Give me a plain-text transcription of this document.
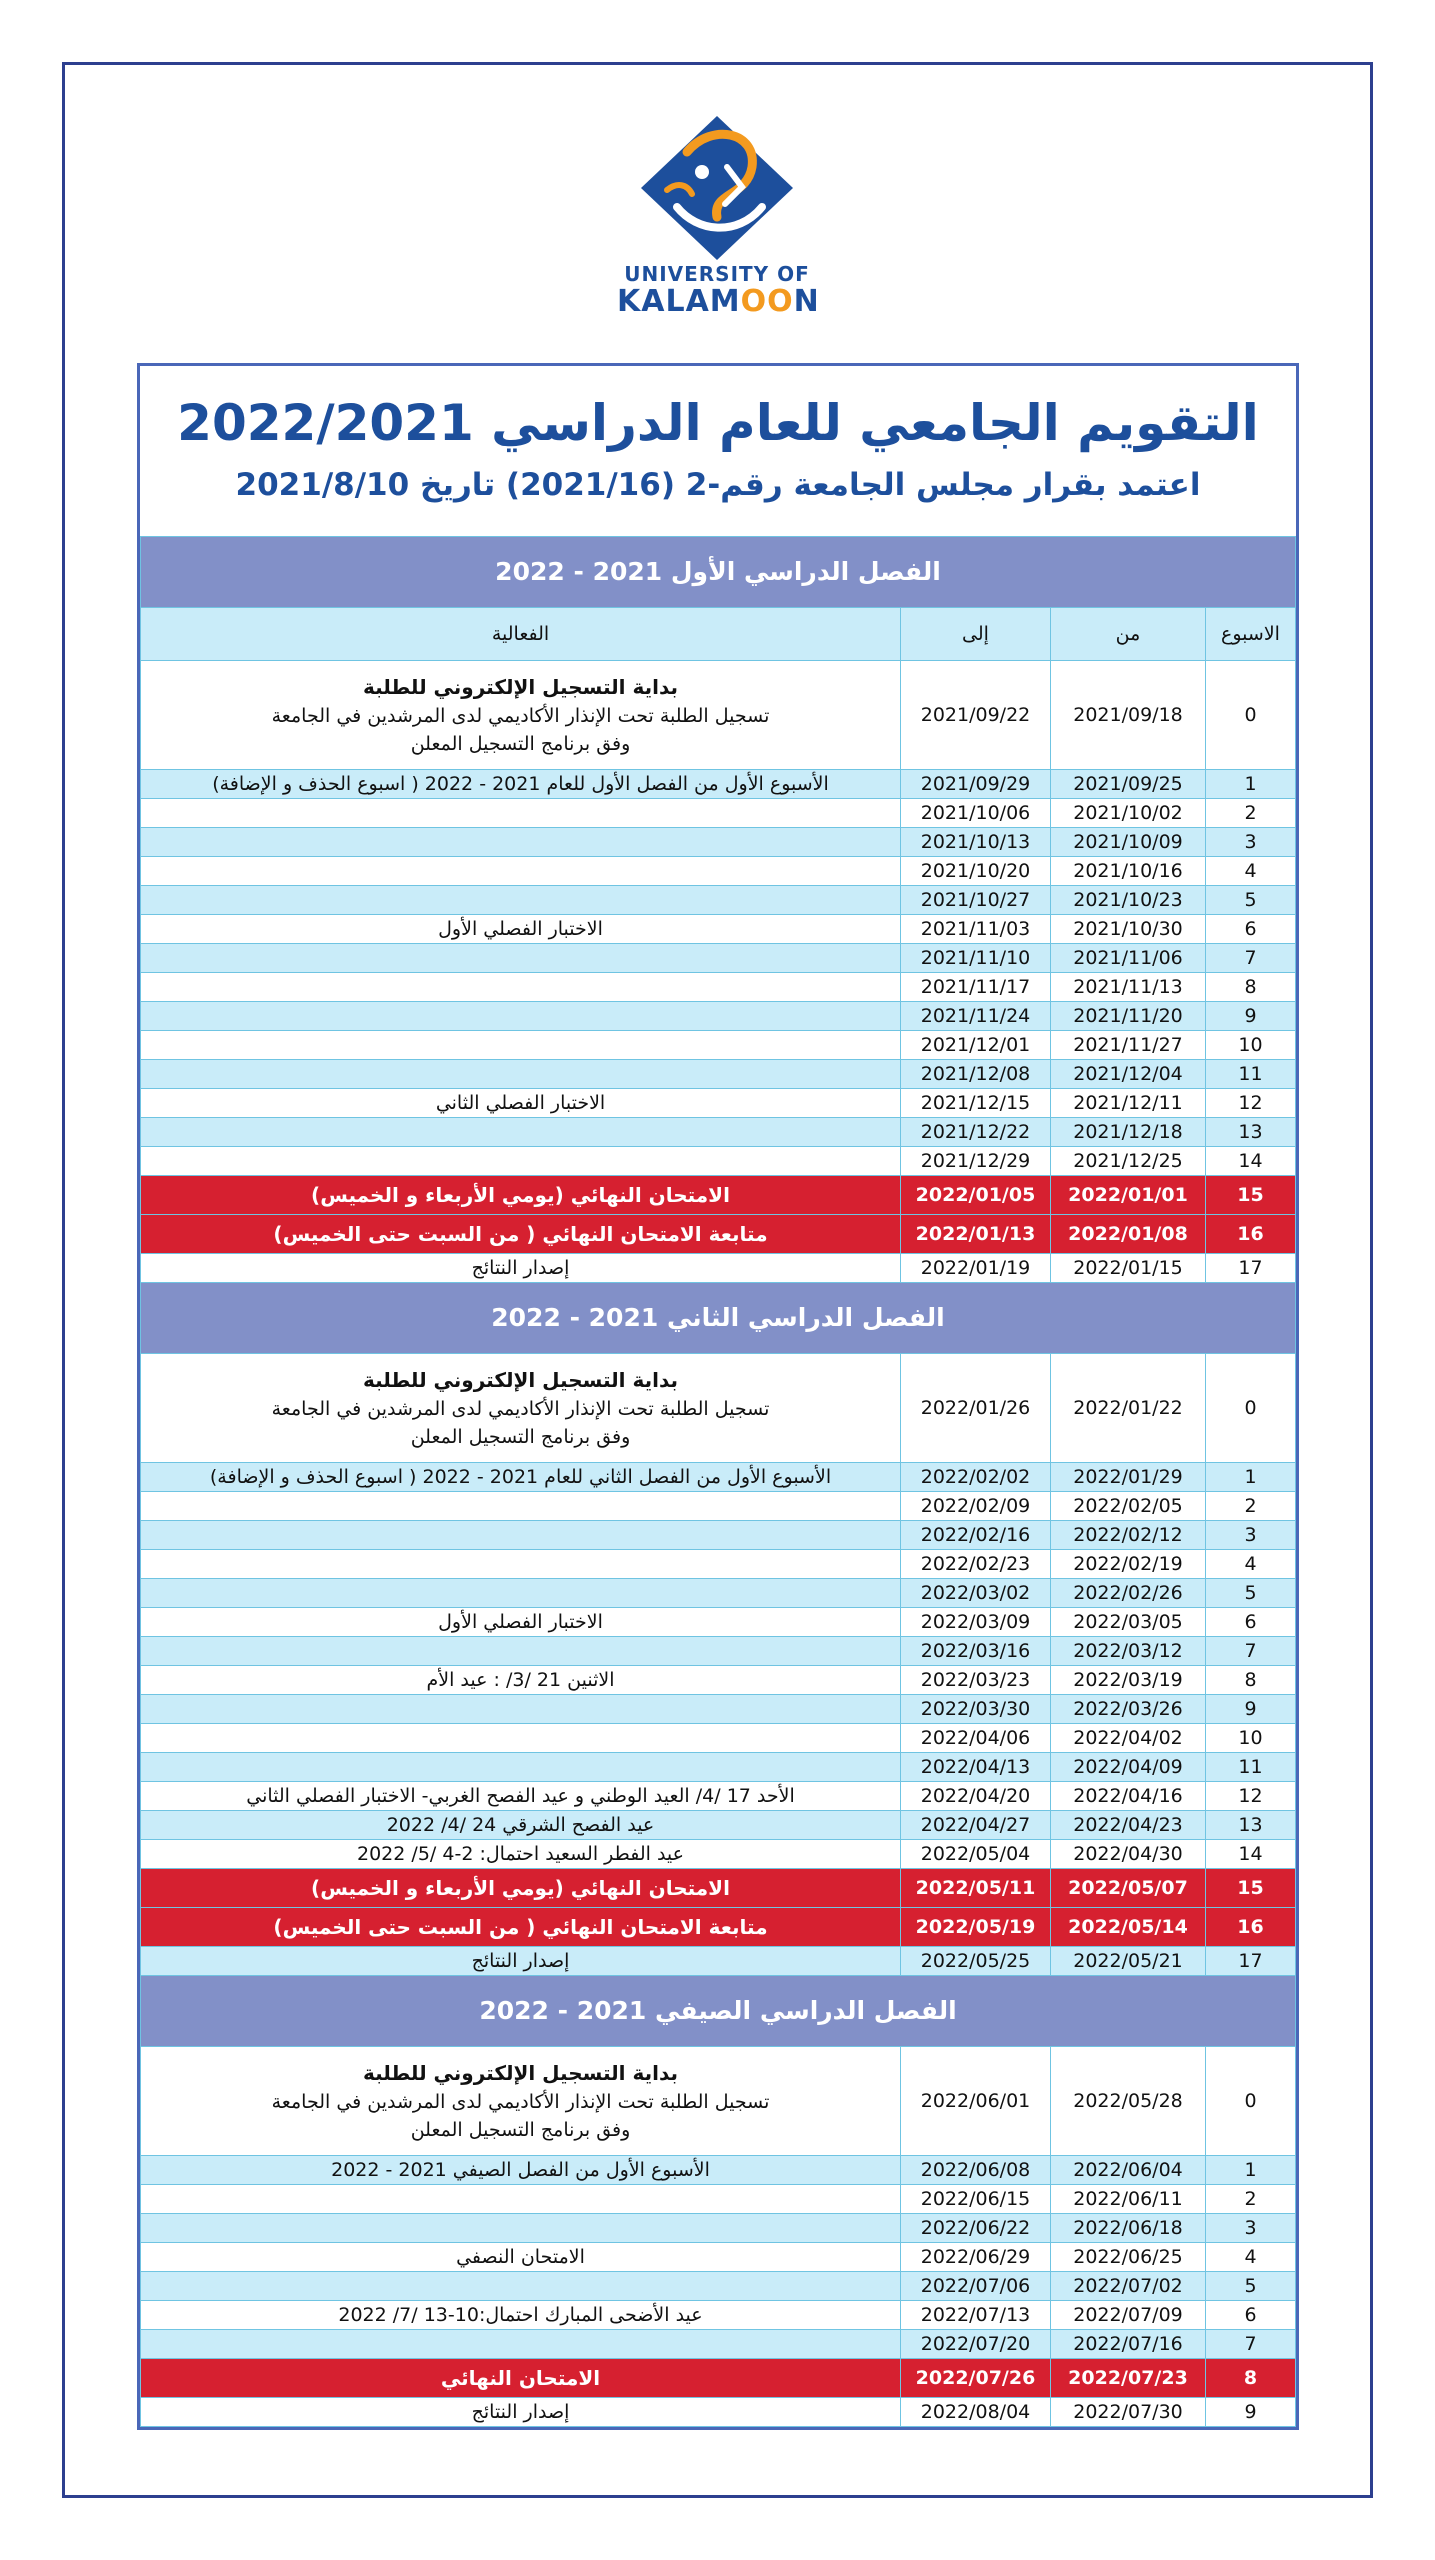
UNIVERSITY OF
KALAMOON
التقويم الجامعي للعام الدراسي 2022/2021
اعتمد بقرار مجلس الجامعة رقم-2 (2021/16) تاريخ 2021/8/10
الفصل الدراسي الأول 2021 - 2022			
الاسبوع	من	إلى	الفعالية
0	2021/09/18	2021/09/22	بداية التسجيل الإلكتروني للطلبة
تسجيل الطلبة تحت الإنذار الأكاديمي لدى المرشدين في الجامعة
وفق برنامج التسجيل المعلن

1	2021/09/25	2021/09/29	الأسبوع الأول من الفصل الأول للعام 2021 - 2022 ( اسبوع الحذف و الإضافة)
2	2021/10/02	2021/10/06	
3	2021/10/09	2021/10/13	
4	2021/10/16	2021/10/20	
5	2021/10/23	2021/10/27	
6	2021/10/30	2021/11/03	الاختبار الفصلي الأول
7	2021/11/06	2021/11/10	
8	2021/11/13	2021/11/17	
9	2021/11/20	2021/11/24	
10	2021/11/27	2021/12/01	
11	2021/12/04	2021/12/08	
12	2021/12/11	2021/12/15	الاختبار الفصلي الثاني
13	2021/12/18	2021/12/22	
14	2021/12/25	2021/12/29	
15	2022/01/01	2022/01/05	الامتحان النهائي (يومي الأربعاء و الخميس)
16	2022/01/08	2022/01/13	متابعة الامتحان النهائي ( من السبت حتى الخميس)
17	2022/01/15	2022/01/19	إصدار النتائج
الفصل الدراسي الثاني 2021 - 2022			
0	2022/01/22	2022/01/26	بداية التسجيل الإلكتروني للطلبة
تسجيل الطلبة تحت الإنذار الأكاديمي لدى المرشدين في الجامعة
وفق برنامج التسجيل المعلن

1	2022/01/29	2022/02/02	الأسبوع الأول من الفصل الثاني للعام 2021 - 2022 ( اسبوع الحذف و الإضافة)
2	2022/02/05	2022/02/09	
3	2022/02/12	2022/02/16	
4	2022/02/19	2022/02/23	
5	2022/02/26	2022/03/02	
6	2022/03/05	2022/03/09	الاختبار الفصلي الأول
7	2022/03/12	2022/03/16	
8	2022/03/19	2022/03/23	الاثنين 21 /3/ : عيد الأم
9	2022/03/26	2022/03/30	
10	2022/04/02	2022/04/06	
11	2022/04/09	2022/04/13	
12	2022/04/16	2022/04/20	الأحد 17 /4/ العيد الوطني و عيد الفصح الغربي- الاختبار الفصلي الثاني
13	2022/04/23	2022/04/27	عيد الفصح الشرقي 24 /4/ 2022
14	2022/04/30	2022/05/04	عيد الفطر السعيد احتمال: 2-4 /5/ 2022
15	2022/05/07	2022/05/11	الامتحان النهائي (يومي الأربعاء و الخميس)
16	2022/05/14	2022/05/19	متابعة الامتحان النهائي ( من السبت حتى الخميس)
17	2022/05/21	2022/05/25	إصدار النتائج
الفصل الدراسي الصيفي 2021 - 2022			
0	2022/05/28	2022/06/01	بداية التسجيل الإلكتروني للطلبة
تسجيل الطلبة تحت الإنذار الأكاديمي لدى المرشدين في الجامعة
وفق برنامج التسجيل المعلن

1	2022/06/04	2022/06/08	الأسبوع الأول من الفصل الصيفي 2021 - 2022
2	2022/06/11	2022/06/15	
3	2022/06/18	2022/06/22	
4	2022/06/25	2022/06/29	الامتحان النصفي
5	2022/07/02	2022/07/06	
6	2022/07/09	2022/07/13	عيد الأضحى المبارك احتمال:10-13 /7/ 2022
7	2022/07/16	2022/07/20	
8	2022/07/23	2022/07/26	الامتحان النهائي
9	2022/07/30	2022/08/04	إصدار النتائج
